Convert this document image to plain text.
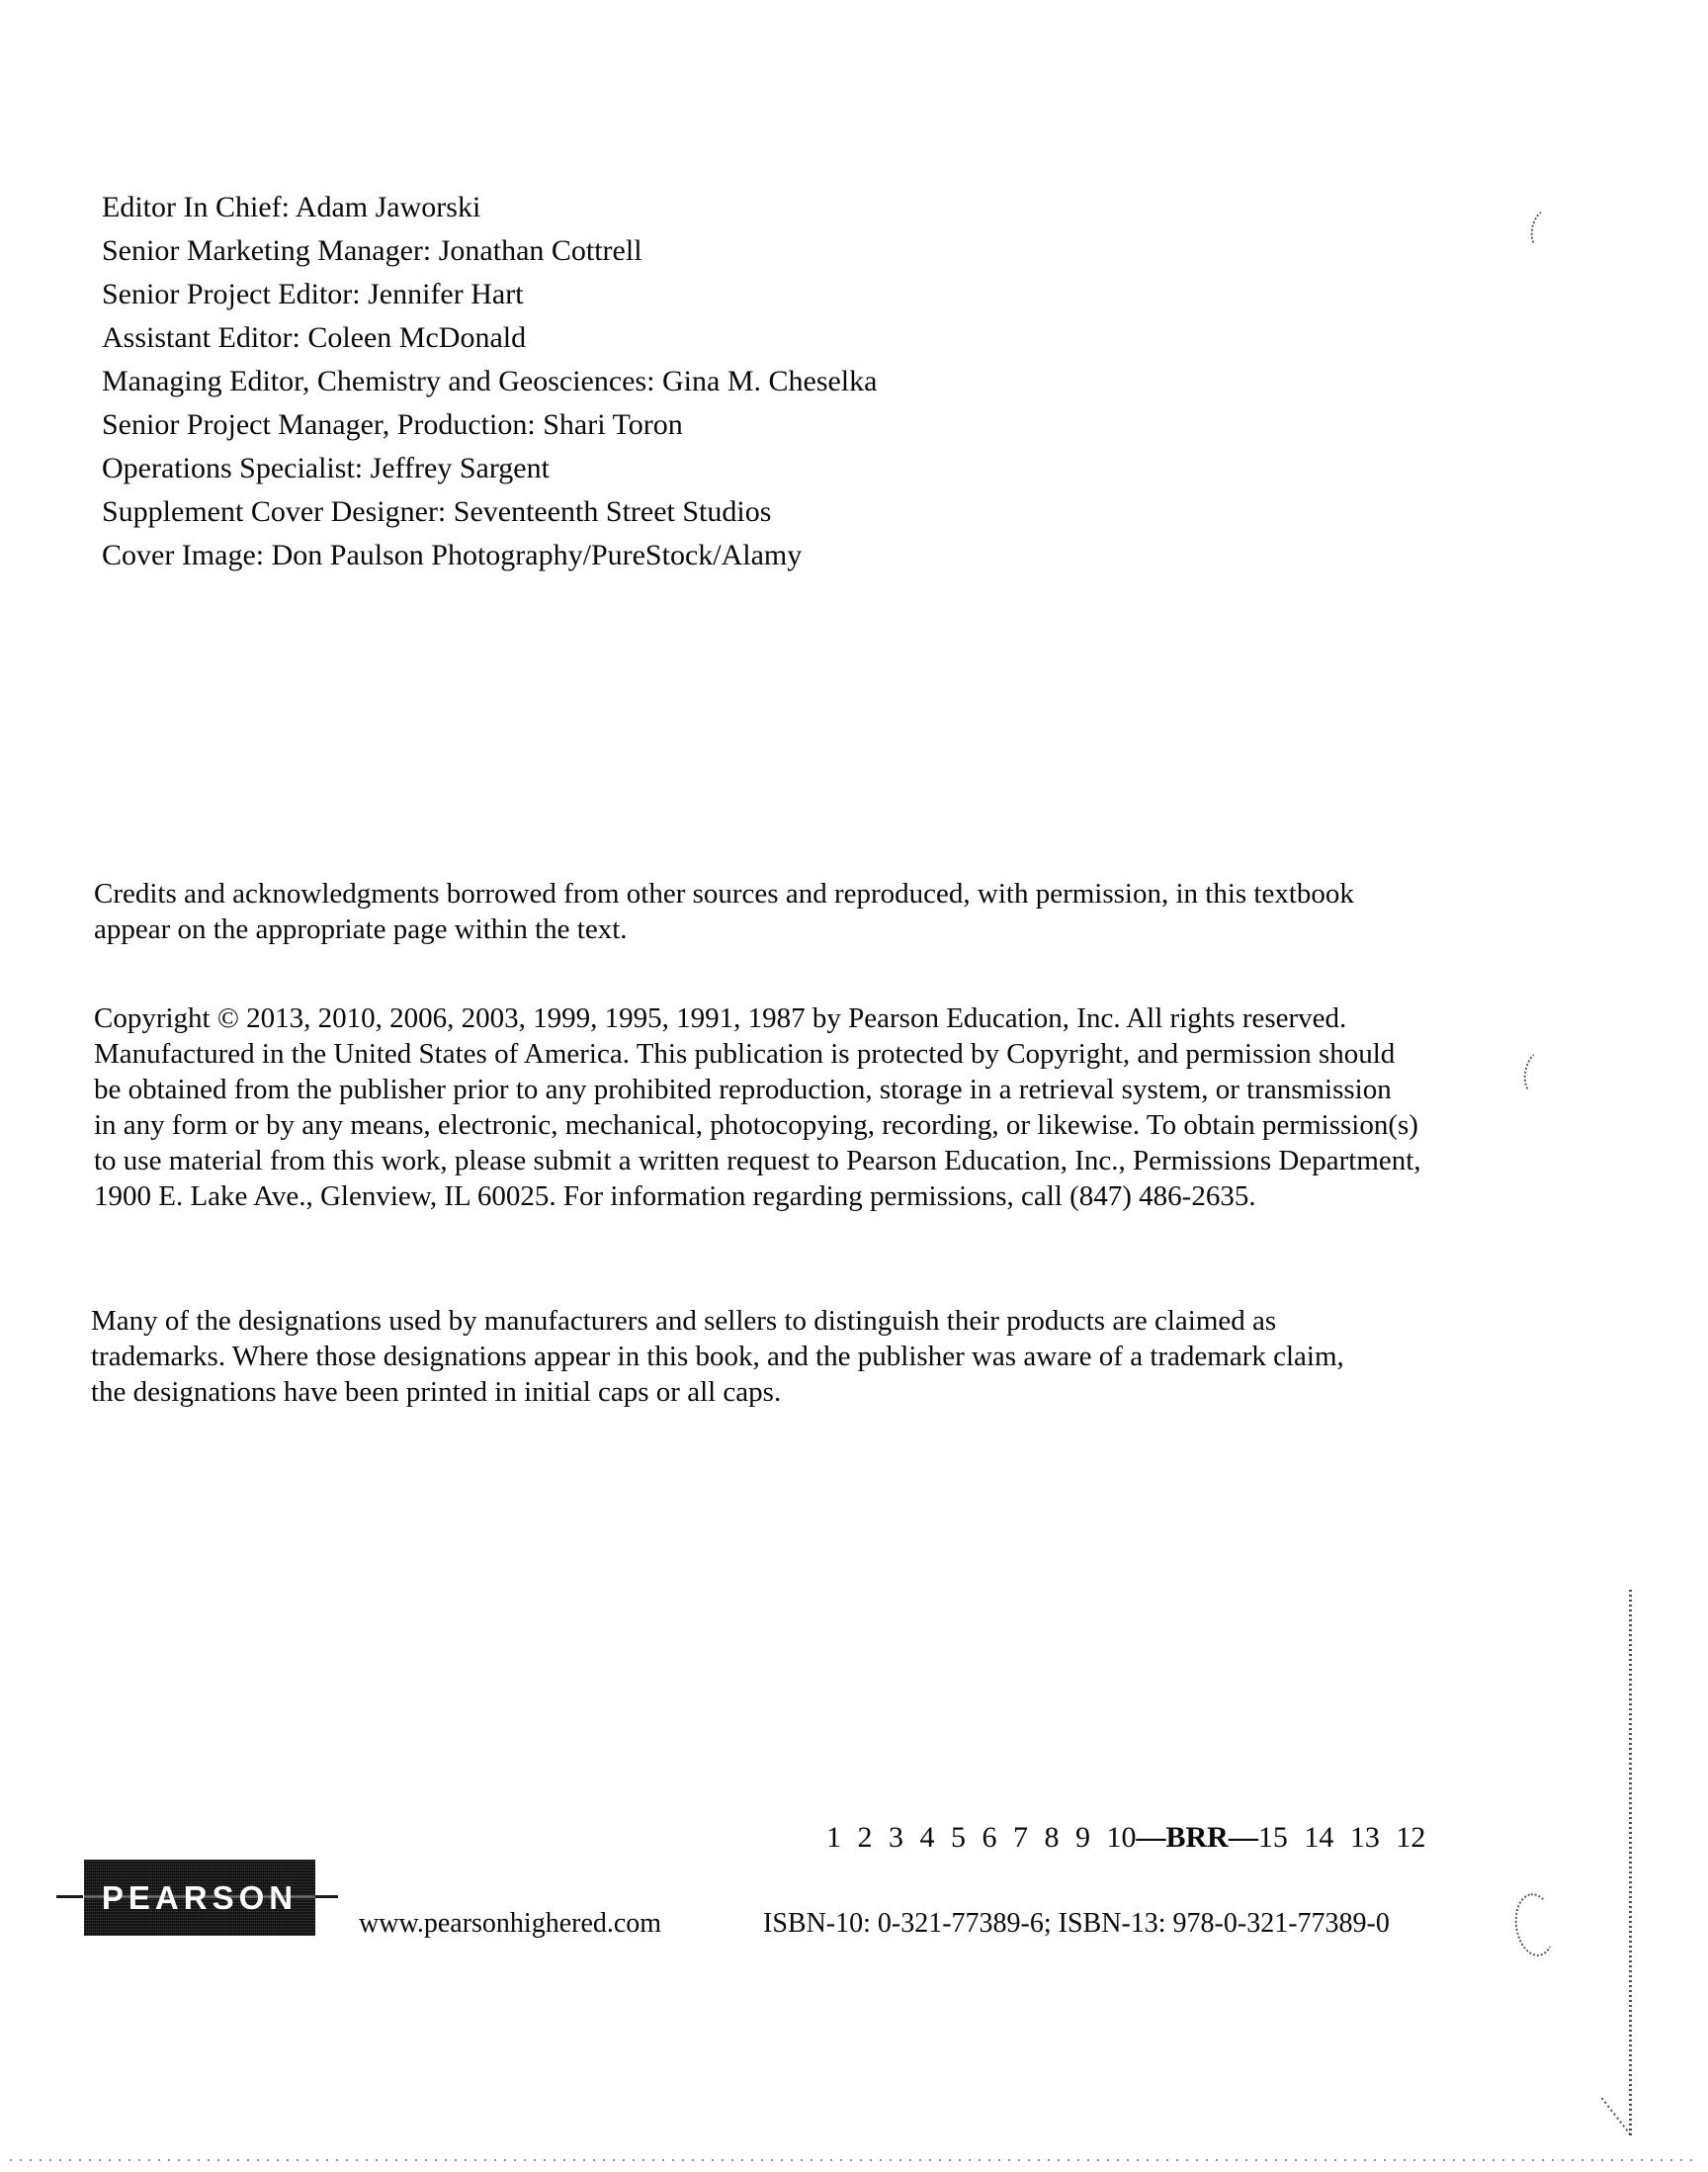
Editor In Chief: Adam Jaworski
Senior Marketing Manager: Jonathan Cottrell
Senior Project Editor: Jennifer Hart
Assistant Editor: Coleen McDonald
Managing Editor, Chemistry and Geosciences: Gina M. Cheselka
Senior Project Manager, Production: Shari Toron
Operations Specialist: Jeffrey Sargent
Supplement Cover Designer: Seventeenth Street Studios
Cover Image: Don Paulson Photography/PureStock/Alamy
Credits and acknowledgments borrowed from other sources and reproduced, with permission, in this textbook
appear on the appropriate page within the text.
Copyright © 2013, 2010, 2006, 2003, 1999, 1995, 1991, 1987 by Pearson Education, Inc. All rights reserved.
Manufactured in the United States of America. This publication is protected by Copyright, and permission should
be obtained from the publisher prior to any prohibited reproduction, storage in a retrieval system, or transmission
in any form or by any means, electronic, mechanical, photocopying, recording, or likewise. To obtain permission(s)
to use material from this work, please submit a written request to Pearson Education, Inc., Permissions Department,
1900 E. Lake Ave., Glenview, IL 60025. For information regarding permissions, call (847) 486-2635.
Many of the designations used by manufacturers and sellers to distinguish their products are claimed as
trademarks. Where those designations appear in this book, and the publisher was aware of a trademark claim,
the designations have been printed in initial caps or all caps.
1 2 3 4 5 6 7 8 9 10—BRR—15 14 13 12
PEARSON
www.pearsonhighered.com	ISBN-10: 0-321-77389-6; ISBN-13: 978-0-321-77389-0
